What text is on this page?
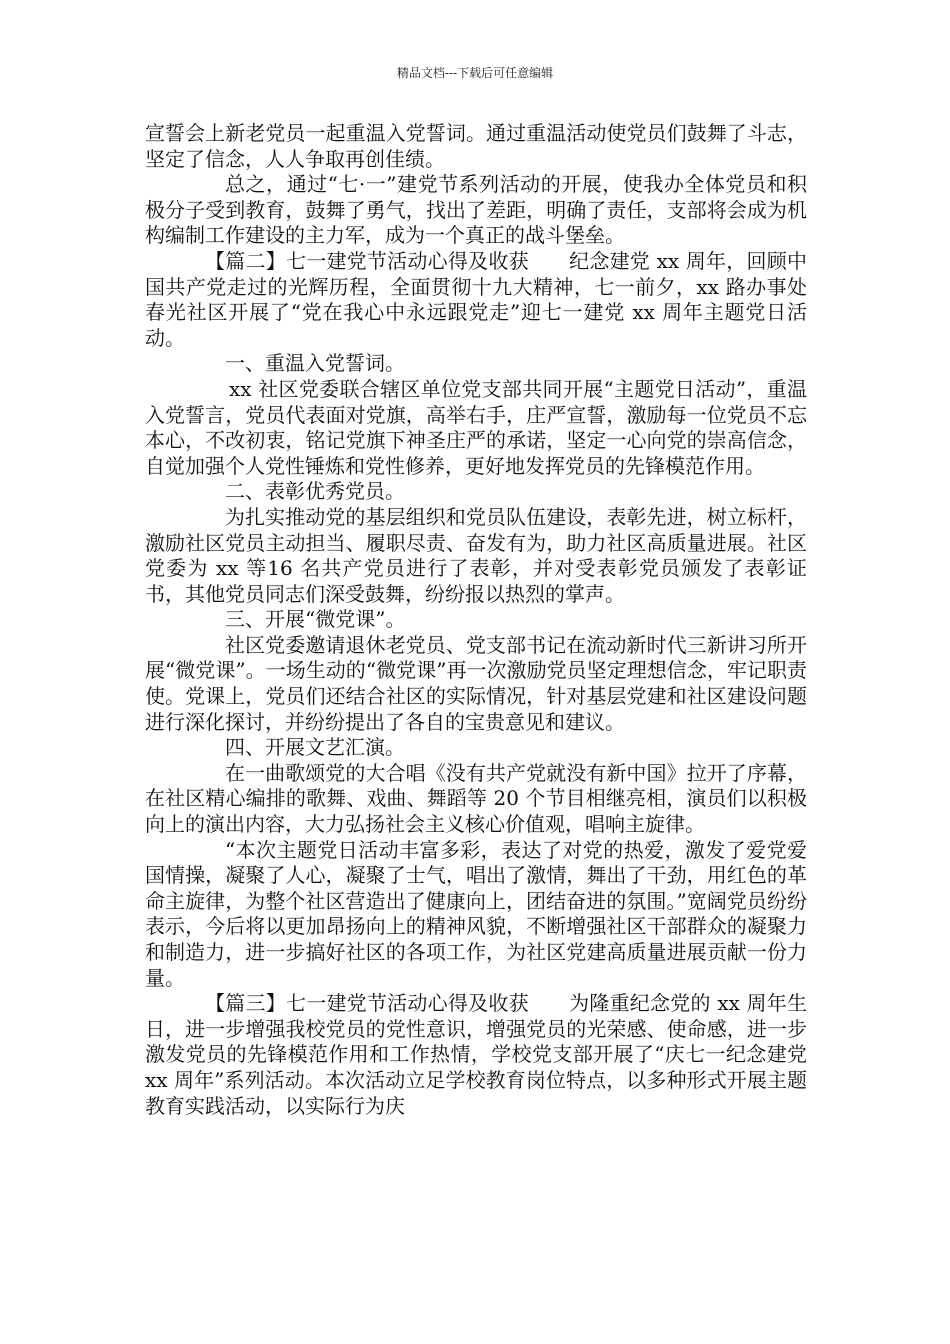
精品文档---下载后可任意编辑

宣誓会上新老党员一起重温入党誓词。通过重温活动使党员们鼓舞了斗志，坚定了信念，人人争取再创佳绩。

总之，通过“七·一”建党节系列活动的开展，使我办全体党员和积极分子受到教育，鼓舞了勇气，找出了差距，明确了责任，支部将会成为机构编制工作建设的主力军，成为一个真正的战斗堡垒。

【篇二】七一建党节活动心得及收获 纪念建党 xx 周年，回顾中国共产党走过的光辉历程，全面贯彻十九大精神，七一前夕，xx 路办事处春光社区开展了“党在我心中永远跟党走”迎七一建党 xx 周年主题党日活动。

一、重温入党誓词。

xx 社区党委联合辖区单位党支部共同开展“主题党日活动”，重温入党誓言，党员代表面对党旗，高举右手，庄严宣誓，激励每一位党员不忘本心，不改初衷，铭记党旗下神圣庄严的承诺，坚定一心向党的崇高信念，自觉加强个人党性锤炼和党性修养，更好地发挥党员的先锋模范作用。

二、表彰优秀党员。

为扎实推动党的基层组织和党员队伍建设，表彰先进，树立标杆，激励社区党员主动担当、履职尽责、奋发有为，助力社区高质量进展。社区党委为 xx 等16 名共产党员进行了表彰，并对受表彰党员颁发了表彰证书，其他党员同志们深受鼓舞，纷纷报以热烈的掌声。

三、开展“微党课”。

社区党委邀请退休老党员、党支部书记在流动新时代三新讲习所开展“微党课”。一场生动的“微党课”再一次激励党员坚定理想信念，牢记职责使。党课上，党员们还结合社区的实际情况，针对基层党建和社区建设问题进行深化探讨，并纷纷提出了各自的宝贵意见和建议。

四、开展文艺汇演。

在一曲歌颂党的大合唱《没有共产党就没有新中国》拉开了序幕，在社区精心编排的歌舞、戏曲、舞蹈等 20 个节目相继亮相，演员们以积极向上的演出内容，大力弘扬社会主义核心价值观，唱响主旋律。

“本次主题党日活动丰富多彩，表达了对党的热爱，激发了爱党爱国情操，凝聚了人心，凝聚了士气，唱出了激情，舞出了干劲，用红色的革命主旋律，为整个社区营造出了健康向上，团结奋进的氛围。”宽阔党员纷纷表示，今后将以更加昂扬向上的精神风貌，不断增强社区干部群众的凝聚力和制造力，进一步搞好社区的各项工作，为社区党建高质量进展贡献一份力量。

【篇三】七一建党节活动心得及收获 为隆重纪念党的 xx 周年生日，进一步增强我校党员的党性意识，增强党员的光荣感、使命感，进一步激发党员的先锋模范作用和工作热情，学校党支部开展了“庆七一纪念建党 xx 周年”系列活动。本次活动立足学校教育岗位特点，以多种形式开展主题教育实践活动，以实际行为庆
